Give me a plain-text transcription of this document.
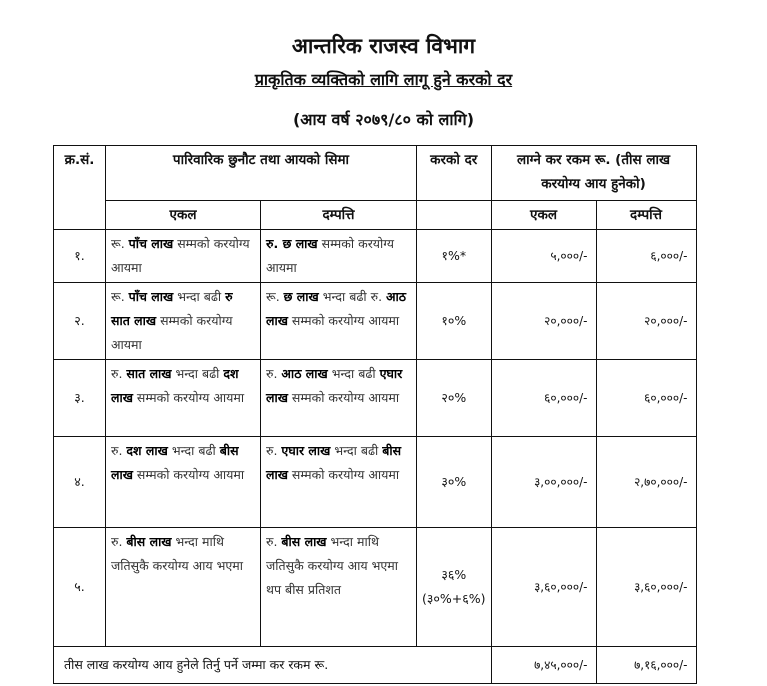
आन्तरिक राजस्व विभाग
प्राकृतिक व्यक्तिको लागि लागू हुने करको दर
(आय वर्ष २०७९/८० को लागि)
क्र.सं.	पारिवारिक छुनौट तथा आयको सिमा		करको दर	लाग्ने कर रकम रू. (तीस लाख करयोग्य आय हुनेको)	
	एकल	दम्पत्ति		एकल	दम्पत्ति
१.	रू. पाँच लाख सम्मको करयोग्य आयमा	रु. छ लाख सम्मको करयोग्य आयमा	१%*	५,०००/-	६,०००/-
२.	रू. पाँच लाख भन्दा बढी रु सात लाख सम्मको करयोग्य आयमा	रू. छ लाख भन्दा बढी रु. आठ लाख सम्मको करयोग्य आयमा	१०%	२०,०००/-	२०,०००/-
३.	रु. सात लाख भन्दा बढी दश लाख सम्मको करयोग्य आयमा	रु. आठ लाख भन्दा बढी एघार लाख सम्मको करयोग्य आयमा	२०%	६०,०००/-	६०,०००/-
४.	रु. दश लाख भन्दा बढी बीस लाख सम्मको करयोग्य आयमा	रु. एघार लाख भन्दा बढी बीस लाख सम्मको करयोग्य आयमा	३०%	३,००,०००/-	२,७०,०००/-
५.	रु. बीस लाख भन्दा माथि जतिसुकै करयोग्य आय भएमा	रु. बीस लाख भन्दा माथि जतिसुकै करयोग्य आय भएमा थप बीस प्रतिशत	३६% (३०%+६%)	३,६०,०००/-	३,६०,०००/-
तीस लाख करयोग्य आय हुनेले तिर्नु पर्ने जम्मा कर रकम रू.				७,४५,०००/-	७,१६,०००/-
